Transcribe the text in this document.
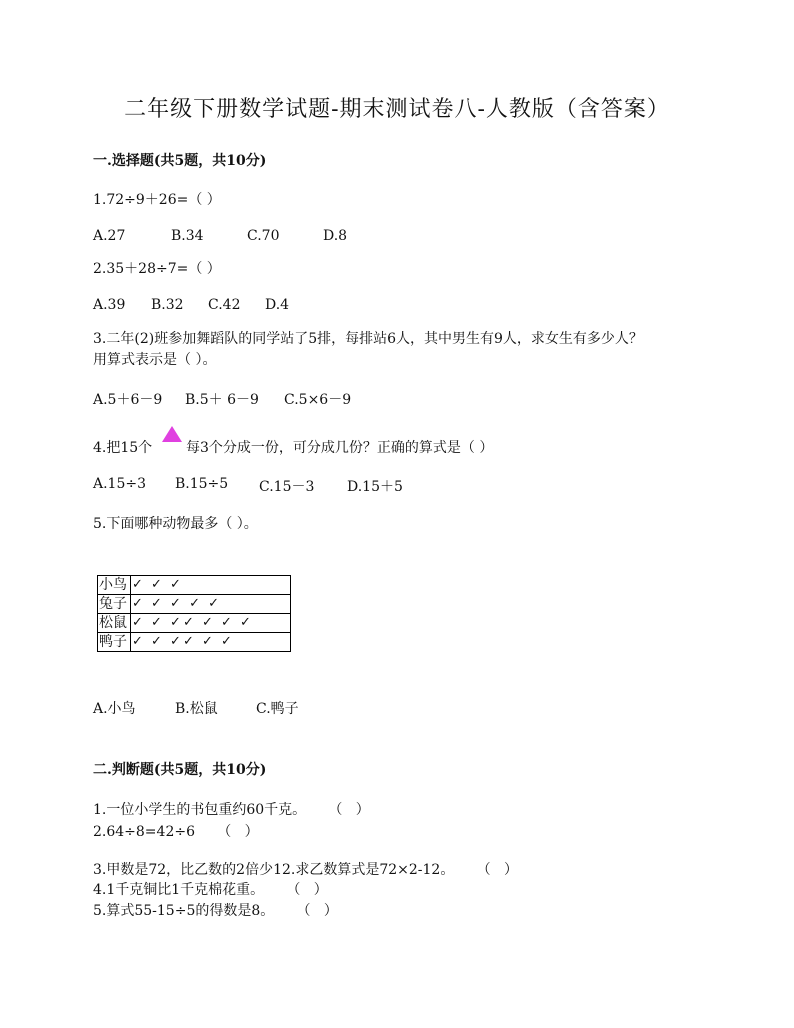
二年级下册数学试题-期末测试卷八-人教版（含答案）
一.选择题(共5题，共10分)
1.72÷9＋26=（ ）
A.27	B.34	C.70	D.8
2.35＋28÷7=（ ）
A.39 B.32 C.42 D.4
3.二年(2)班参加舞蹈队的同学站了5排，每排站6人，其中男生有9人，求女生有多少人？
用算式表示是（ ）。
A.5＋6－9 B.5＋ 6－9 C.5×6－9
4.把15个 每3个分成一份，可分成几份？正确的算式是（ ）
A.15÷3 B.15÷5 C.15－3 D.15＋5
5.下面哪种动物最多（ ）。
小鸟	✓ ✓ ✓
兔子	✓ ✓ ✓ ✓ ✓
松鼠	✓ ✓ ✓✓ ✓ ✓ ✓
鸭子	✓ ✓ ✓✓ ✓ ✓
A.小鸟	B.松鼠	C.鸭子
二.判断题(共5题，共10分)
1.一位小学生的书包重约60千克。     （   ）
2.64÷8=42÷6     （   ）
3.甲数是72，比乙数的2倍少12.求乙数算式是72×2-12。     （   ）
4.1千克铜比1千克棉花重。     （   ）
5.算式55-15÷5的得数是8。     （   ）
